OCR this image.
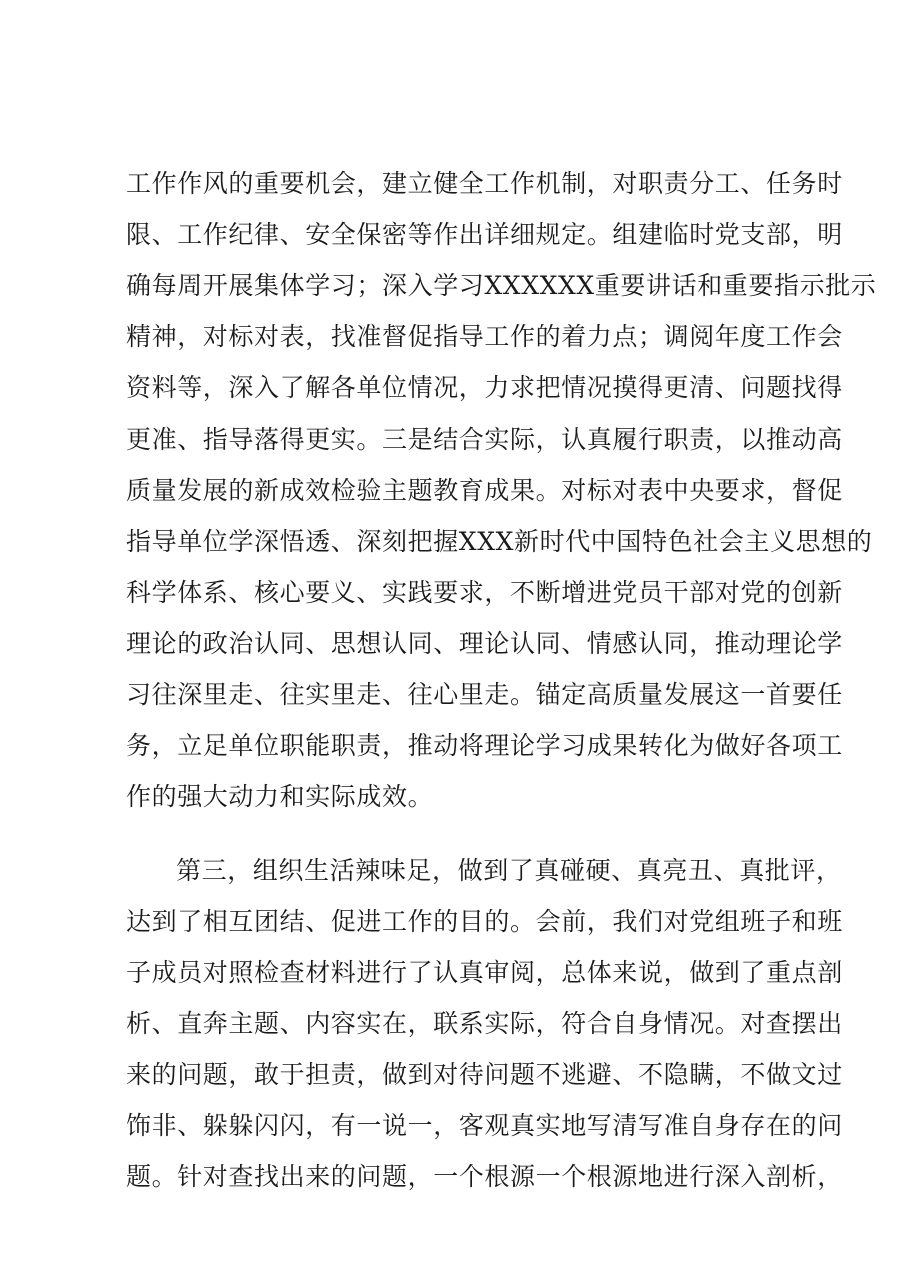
工作作风的重要机会，建立健全工作机制，对职责分工、任务时
限、工作纪律、安全保密等作出详细规定。组建临时党支部，明
确每周开展集体学习；深入学习XXXXXX重要讲话和重要指示批示
精神，对标对表，找准督促指导工作的着力点；调阅年度工作会
资料等，深入了解各单位情况，力求把情况摸得更清、问题找得
更准、指导落得更实。三是结合实际，认真履行职责，以推动高
质量发展的新成效检验主题教育成果。对标对表中央要求，督促
指导单位学深悟透、深刻把握XXX新时代中国特色社会主义思想的
科学体系、核心要义、实践要求，不断增进党员干部对党的创新
理论的政治认同、思想认同、理论认同、情感认同，推动理论学
习往深里走、往实里走、往心里走。锚定高质量发展这一首要任
务，立足单位职能职责，推动将理论学习成果转化为做好各项工
作的强大动力和实际成效。
第三，组织生活辣味足，做到了真碰硬、真亮丑、真批评，
达到了相互团结、促进工作的目的。会前，我们对党组班子和班
子成员对照检查材料进行了认真审阅，总体来说，做到了重点剖
析、直奔主题、内容实在，联系实际，符合自身情况。对查摆出
来的问题，敢于担责，做到对待问题不逃避、不隐瞒，不做文过
饰非、躲躲闪闪，有一说一，客观真实地写清写准自身存在的问
题。针对查找出来的问题，一个根源一个根源地进行深入剖析，
